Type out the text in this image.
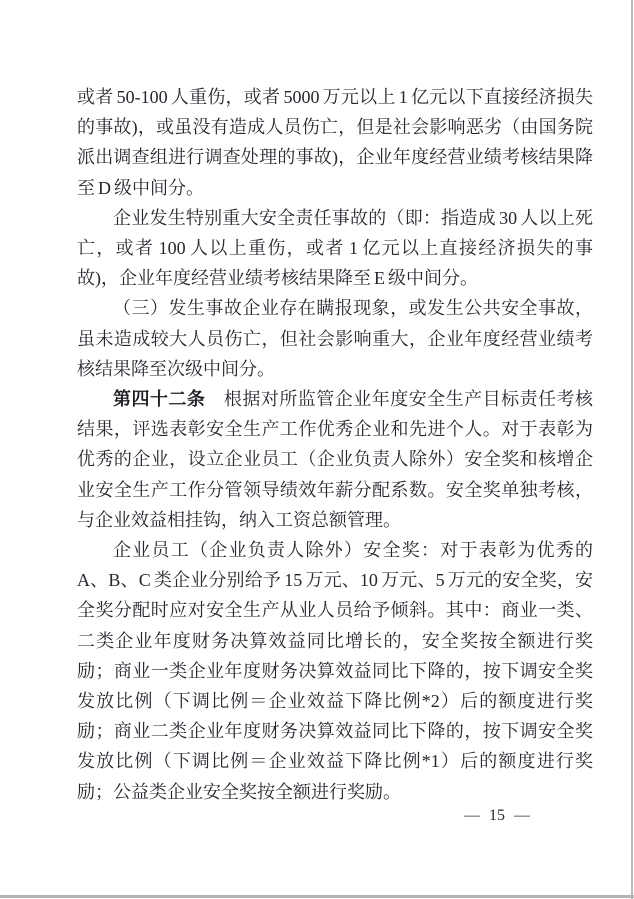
或者 50-100 人重伤，或者 5000 万元以上 1 亿元以下直接经济损失的事故)，或虽没有造成人员伤亡，但是社会影响恶劣（由国务院派出调查组进行调查处理的事故)，企业年度经营业绩考核结果降至 D 级中间分。

企业发生特别重大安全责任事故的（即：指造成 30 人以上死亡，或者 100 人以上重伤，或者 1 亿元以上直接经济损失的事故)，企业年度经营业绩考核结果降至 E 级中间分。

（三）发生事故企业存在瞒报现象，或发生公共安全事故，虽未造成较大人员伤亡，但社会影响重大，企业年度经营业绩考核结果降至次级中间分。

第四十二条　根据对所监管企业年度安全生产目标责任考核结果，评选表彰安全生产工作优秀企业和先进个人。对于表彰为优秀的企业，设立企业员工（企业负责人除外）安全奖和核增企业安全生产工作分管领导绩效年薪分配系数。安全奖单独考核，与企业效益相挂钩，纳入工资总额管理。

企业员工（企业负责人除外）安全奖：对于表彰为优秀的 A、B、C 类企业分别给予 15 万元、10 万元、5 万元的安全奖，安全奖分配时应对安全生产从业人员给予倾斜。其中：商业一类、二类企业年度财务决算效益同比增长的，安全奖按全额进行奖励；商业一类企业年度财务决算效益同比下降的，按下调安全奖发放比例（下调比例＝企业效益下降比例*2）后的额度进行奖励；商业二类企业年度财务决算效益同比下降的，按下调安全奖发放比例（下调比例＝企业效益下降比例*1）后的额度进行奖励；公益类企业安全奖按全额进行奖励。

— 15 —
